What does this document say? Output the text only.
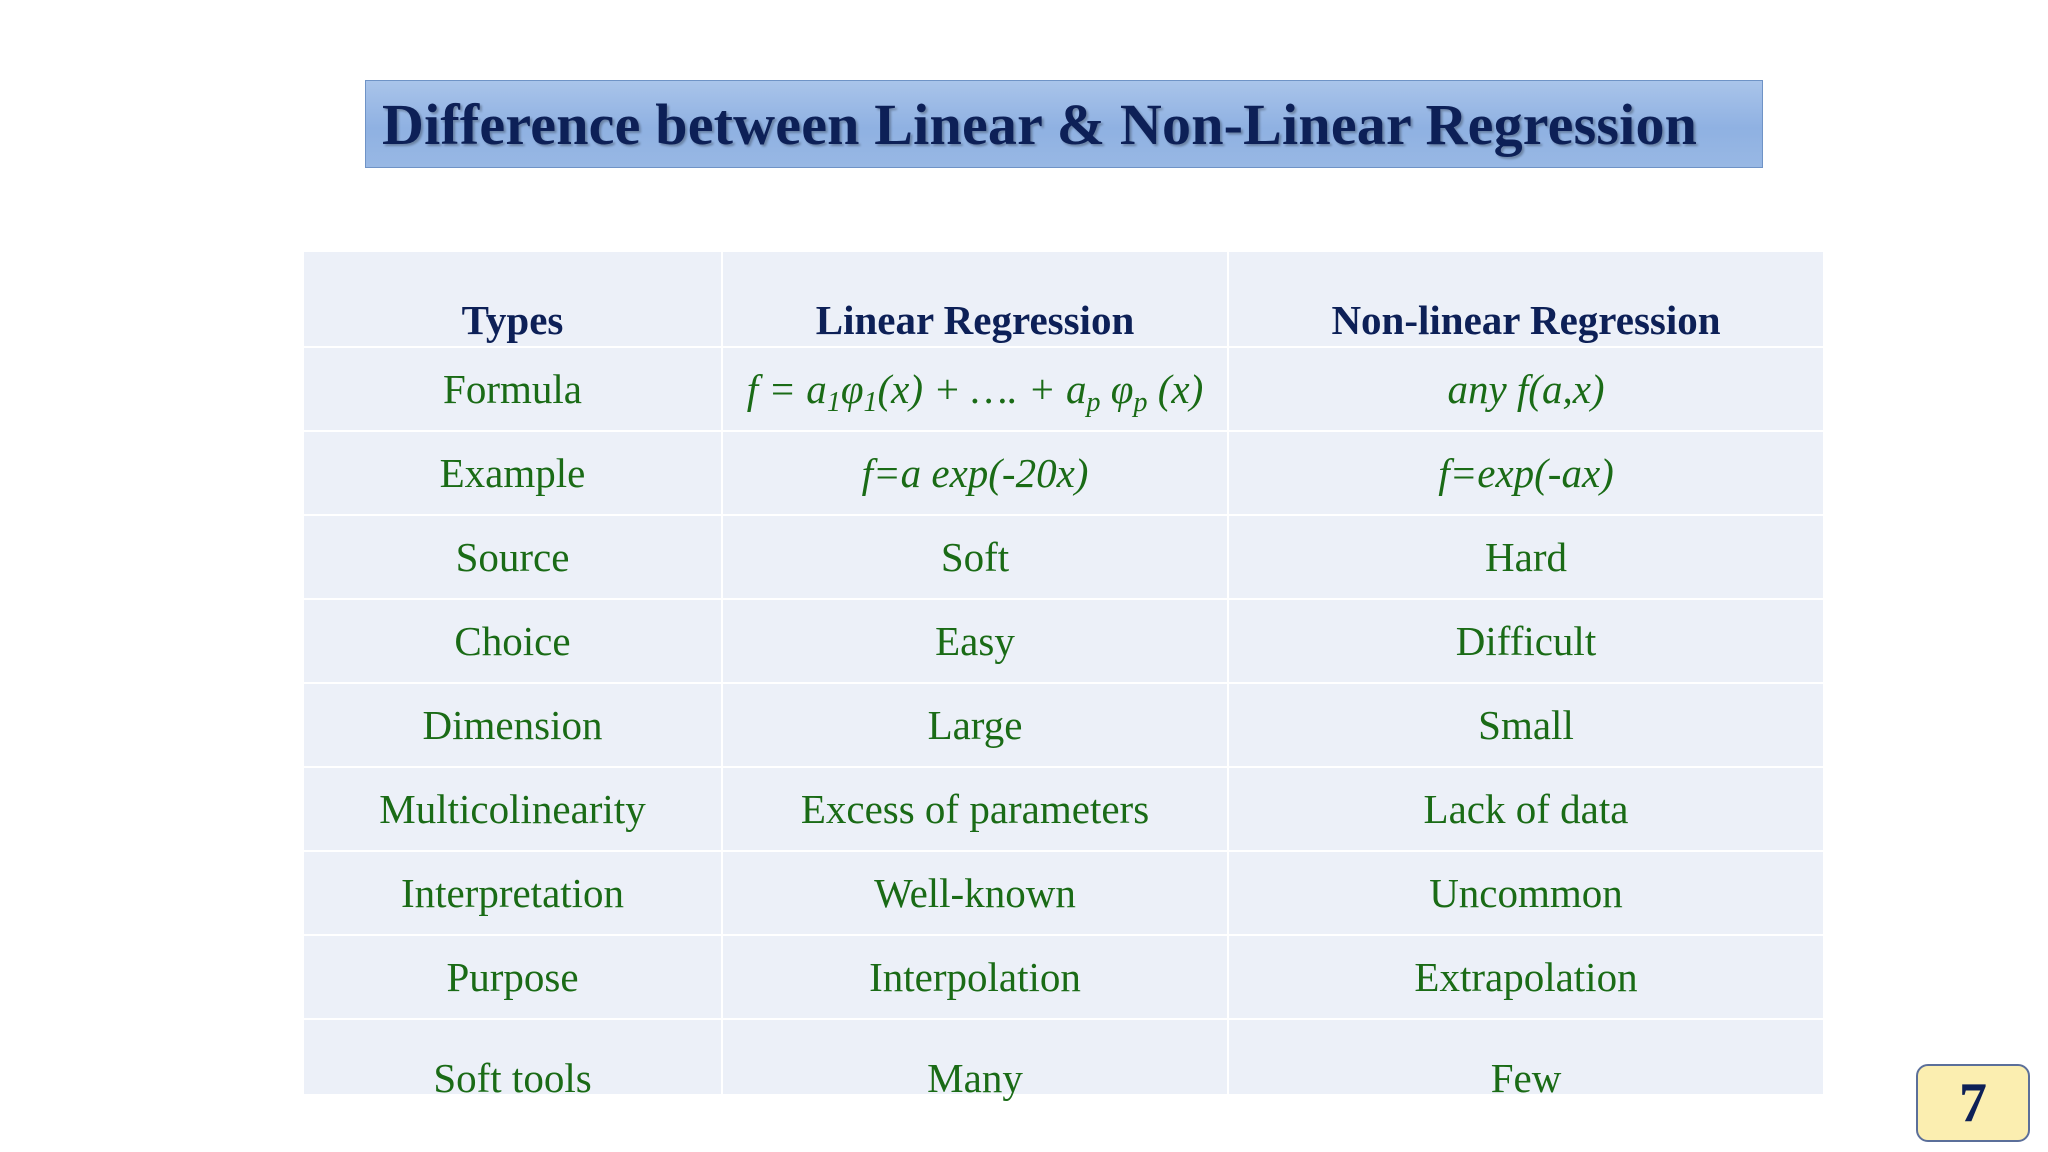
Difference between Linear & Non-Linear Regression
Types	Linear Regression	Non-linear Regression
Formula	$f = a_1\varphi_1(x)$ + …. + $a_p$ $\varphi_p$ (x)	any f(a,x)
Example	f=a exp(-20x)	f=exp(-ax)
Source	Soft	Hard
Choice	Easy	Difficult
Dimension	Large	Small
Multicolinearity	Excess of parameters	Lack of data
Interpretation	Well-known	Uncommon
Purpose	Interpolation	Extrapolation
Soft tools	Many	Few	7
